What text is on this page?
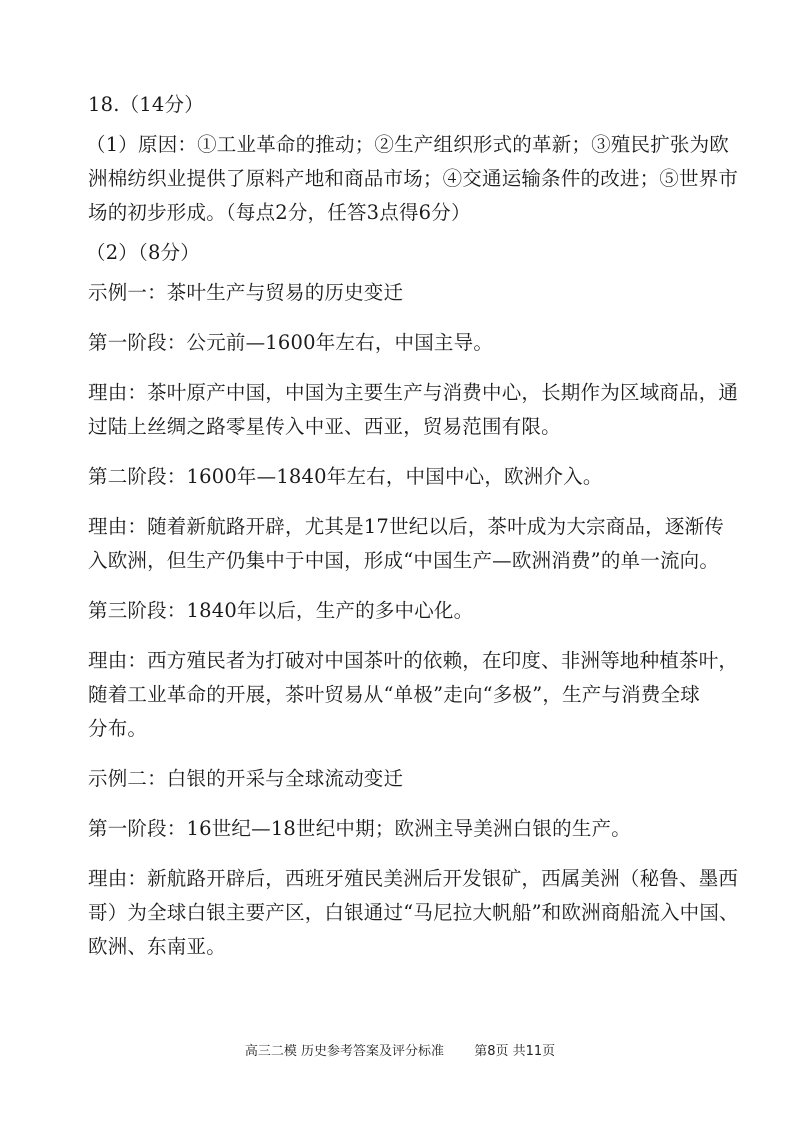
18.（14分）
（1）原因：①工业革命的推动；②生产组织形式的革新；③殖民扩张为欧
洲棉纺织业提供了原料产地和商品市场；④交通运输条件的改进；⑤世界市
场的初步形成。（每点2分，任答3点得6分）
（2）（8分）
示例一：茶叶生产与贸易的历史变迁
第一阶段：公元前—1600年左右，中国主导。
理由：茶叶原产中国，中国为主要生产与消费中心，长期作为区域商品，通
过陆上丝绸之路零星传入中亚、西亚，贸易范围有限。
第二阶段：1600年—1840年左右，中国中心，欧洲介入。
理由：随着新航路开辟，尤其是17世纪以后，茶叶成为大宗商品，逐渐传
入欧洲，但生产仍集中于中国，形成“中国生产—欧洲消费”的单一流向。
第三阶段：1840年以后，生产的多中心化。
理由：西方殖民者为打破对中国茶叶的依赖，在印度、非洲等地种植茶叶，
随着工业革命的开展，茶叶贸易从“单极”走向“多极”，生产与消费全球
分布。
示例二：白银的开采与全球流动变迁
第一阶段：16世纪—18世纪中期；欧洲主导美洲白银的生产。
理由：新航路开辟后，西班牙殖民美洲后开发银矿，西属美洲（秘鲁、墨西
哥）为全球白银主要产区，白银通过“马尼拉大帆船”和欧洲商船流入中国、
欧洲、东南亚。
高三二模 历史参考答案及评分标准 第8页 共11页
